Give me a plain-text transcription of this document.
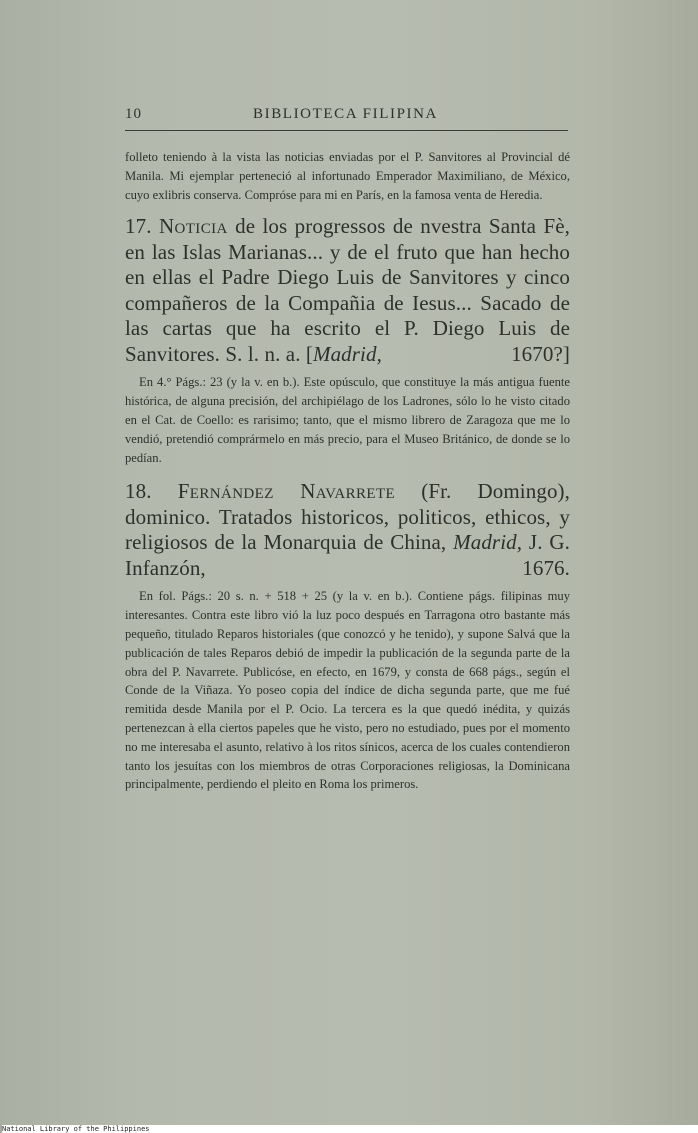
10	BIBLIOTECA FILIPINA

folleto teniendo à la vista las noticias enviadas por el P. Sanvitores al Provincial dé Manila. Mi ejemplar perteneció al infortunado Emperador Maximiliano, de México, cuyo exlibris conserva. Compróse para mi en París, en la famosa venta de Heredia.

17. Noticia de los progressos de nvestra Santa Fè, en las Islas Marianas... y de el fruto que han hecho en ellas el Padre Diego Luis de Sanvitores y cinco compañeros de la Compañia de Iesus... Sacado de las cartas que ha escrito el P. Diego Luis de Sanvitores. S. l. n. a. [Madrid,	1670?]

En 4.° Págs.: 23 (y la v. en b.). Este opúsculo, que constituye la más antigua fuente histórica, de alguna precisión, del archipiélago de los Ladrones, sólo lo he visto citado en el Cat. de Coello: es rarisimo; tanto, que el mismo librero de Zaragoza que me lo vendió, pretendió comprármelo en más precio, para el Museo Británico, de donde se lo pedían.

18. Fernández Navarrete (Fr. Domingo), dominico. Tratados historicos, politicos, ethicos, y religiosos de la Monarquia de China, Madrid, J. G. Infanzón,	1676.

En fol. Págs.: 20 s. n. + 518 + 25 (y la v. en b.). Contiene págs. filipinas muy interesantes. Contra este libro vió la luz poco después en Tarragona otro bastante más pequeño, titulado Reparos historiales (que conozcó y he tenido), y supone Salvá que la publicación de tales Reparos debió de impedir la publicación de la segunda parte de la obra del P. Navarrete. Publicóse, en efecto, en 1679, y consta de 668 págs., según el Conde de la Viñaza. Yo poseo copia del índice de dicha segunda parte, que me fué remitida desde Manila por el P. Ocio. La tercera es la que quedó inédita, y quizás pertenezcan à ella ciertos papeles que he visto, pero no estudiado, pues por el momento no me interesaba el asunto, relativo à los ritos sínicos, acerca de los cuales contendieron tanto los jesuítas con los miembros de otras Corporaciones religiosas, la Dominicana principalmente, perdiendo el pleito en Roma los primeros.

National Library of the Philippines
